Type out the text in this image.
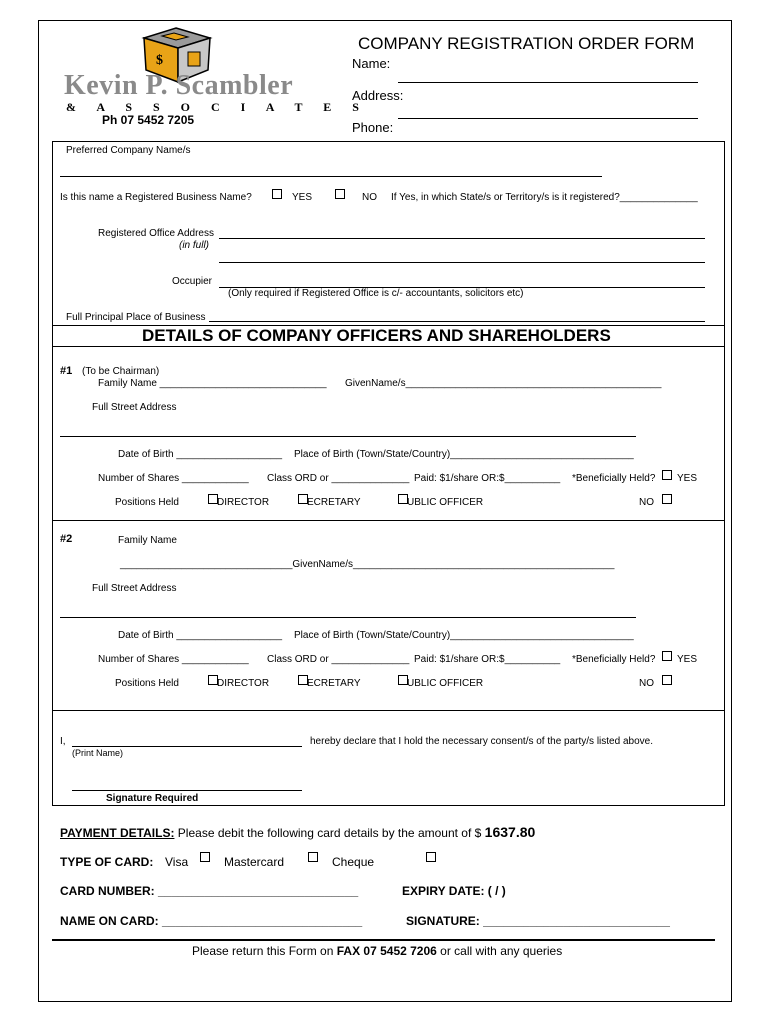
$
Kevin P. Scambler
& A S S O C I A T E S
Ph 07 5452 7205
COMPANY REGISTRATION ORDER FORM
Name:
Address:
Phone:
Preferred Company Name/s
Is this name a Registered Business Name?	YES	NO If Yes, in which State/s or Territory/s is it registered?______________
Registered Office Address
(in full)
Occupier
(Only required if Registered Office is c/- accountants, solicitors etc)
Full Principal Place of Business
DETAILS OF COMPANY OFFICERS AND SHAREHOLDERS
#1 (To be Chairman)
Family Name ______________________________ GivenName/s______________________________________________
Full Street Address
Date of Birth ___________________ Place of Birth (Town/State/Country)_________________________________
Number of Shares ____________ Class ORD or ______________ Paid: $1/share OR:$__________ *Beneficially Held? YES
Positions Held	DIRECTOR	ECRETARY	UBLIC OFFICER	NO
#2	Family Name
_______________________________GivenName/s_______________________________________________
Full Street Address
Date of Birth ___________________ Place of Birth (Town/State/Country)_________________________________
Number of Shares ____________ Class ORD or ______________ Paid: $1/share OR:$__________ *Beneficially Held? YES
Positions Held	DIRECTOR	ECRETARY	UBLIC OFFICER	NO
I,	hereby declare that I hold the necessary consent/s of the party/s listed above.
(Print Name)
Signature Required
PAYMENT DETAILS: Please debit the following card details by the amount of $ 1637.80
TYPE OF CARD: Visa	Mastercard	Cheque
CARD NUMBER: ______________________________	EXPIRY DATE: ( / )
NAME ON CARD: ______________________________	SIGNATURE: ____________________________
Please return this Form on FAX 07 5452 7206 or call with any queries
